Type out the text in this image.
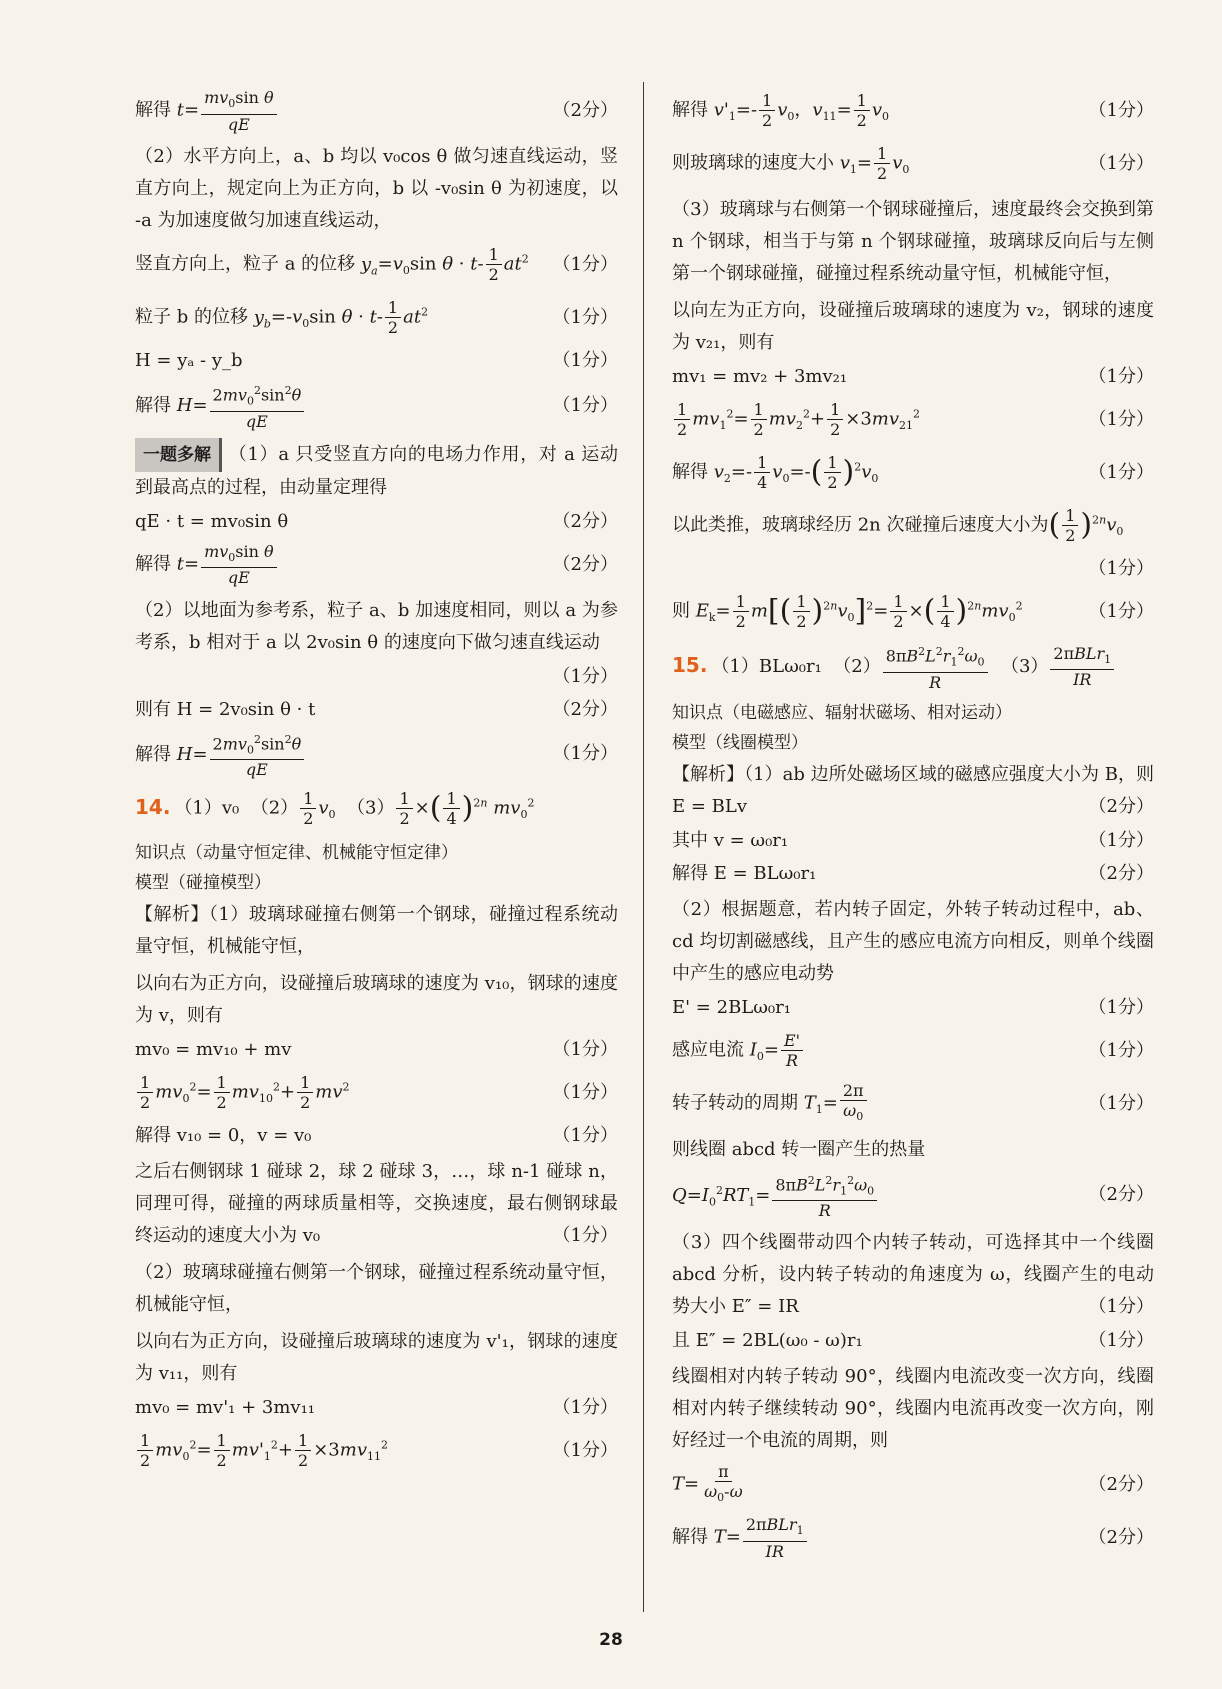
解得 $t= \frac{mv_0\sin \theta}{qE}$	（2分）

（2）水平方向上，a、b 均以 v₀cos θ 做匀速直线运动，竖直方向上，规定向上为正方向，b 以 -v₀sin θ 为初速度，以 -a 为加速度做匀加速直线运动，

竖直方向上，粒子 a 的位移 $y_a=v_0\sin$ $\theta \cdot t- \frac{1}{2} at^2$	（1分）
粒子 b 的位移 $y_b=-v_0\sin$ $\theta \cdot t- \frac{1}{2} at^2$	（1分）
H = yₐ - y_b	（1分）
解得 $H= \frac{2mv_0^2\sin^2\theta}{qE}$	（1分）

一题多解 （1）a 只受竖直方向的电场力作用，对 a 运动到最高点的过程，由动量定理得

qE · t = mv₀sin θ	（2分）
解得 $t= \frac{mv_0\sin \theta}{qE}$	（2分）

（2）以地面为参考系，粒子 a、b 加速度相同，则以 a 为参考系，b 相对于 a 以 2v₀sin θ 的速度向下做匀速直线运动

（1分）
则有 H = 2v₀sin θ · t	（2分）
解得 $H= \frac{2mv_0^2\sin^2\theta}{qE}$	（1分）
14. （1）v₀ $(2) \frac{1}{2} v_0$ $(3) \frac{1}{2}$ ×( $\frac{1}{4} )^{2n}$ $mv_0^2$

知识点（动量守恒定律、机械能守恒定律）

模型（碰撞模型）

【解析】（1）玻璃球碰撞右侧第一个钢球，碰撞过程系统动量守恒，机械能守恒，

以向右为正方向，设碰撞后玻璃球的速度为 v₁₀，钢球的速度为 v，则有

mv₀ = mv₁₀ + mv	（1分）
$\frac{1}{2} mv_0^2= \frac{1}{2} mv_{10}^2+ \frac{1}{2} mv^2$	（1分）
解得 v₁₀ = 0，v = v₀	（1分）

之后右侧钢球 1 碰球 2，球 2 碰球 3，…，球 n-1 碰球 n，同理可得，碰撞的两球质量相等，交换速度，最右侧钢球最终运动的速度大小为 v₀	（1分）

（2）玻璃球碰撞右侧第一个钢球，碰撞过程系统动量守恒，机械能守恒，

以向右为正方向，设碰撞后玻璃球的速度为 v'₁，钢球的速度为 v₁₁，则有

mv₀ = mv'₁ + 3mv₁₁	（1分）
$\frac{1}{2} mv_0^2= \frac{1}{2} mv'_1^2+ \frac{1}{2} \times 3mv_{11}^2$	（1分）
解得 $v'_1=- \frac{1}{2} v_0$，$v_{11}= \frac{1}{2} v_0$	（1分）
则玻璃球的速度大小 $v_1= \frac{1}{2} v_0$	（1分）

（3）玻璃球与右侧第一个钢球碰撞后，速度最终会交换到第 n 个钢球，相当于与第 n 个钢球碰撞，玻璃球反向后与左侧第一个钢球碰撞，碰撞过程系统动量守恒，机械能守恒，

以向左为正方向，设碰撞后玻璃球的速度为 v₂，钢球的速度为 v₂₁，则有

mv₁ = mv₂ + 3mv₂₁	（1分）
$\frac{1}{2} mv_1^2= \frac{1}{2} mv_2^2+ \frac{1}{2} \times 3mv_{21}^2$	（1分）
解得 $v_2=- \frac{1}{4} v_0=-( \frac{1}{2} )^2v_0$	（1分）
以此类推，玻璃球经历 2n 次碰撞后速度大小为( $\frac{1}{2} )^{2n}v_0$
（1分）
则 $E_k= \frac{1}{2} m[( \frac{1}{2} )^{2n}v_0]^2= \frac{1}{2}$ ×( $\frac{1}{4} )^{2n}mv_0^2$	（1分）
15. （1）BLω₀r₁ $(2) \frac{8\pi B^2L^2r_1^2\omega_0}{R} (3) \frac{2\pi BLr_1}{IR}$

知识点（电磁感应、辐射状磁场、相对运动）

模型（线圈模型）

【解析】（1）ab 边所处磁场区域的磁感应强度大小为 B，则 E = BLv	（2分）

其中 v = ω₀r₁	（1分）
解得 E = BLω₀r₁	（2分）

（2）根据题意，若内转子固定，外转子转动过程中，ab、cd 均切割磁感线，且产生的感应电流方向相反，则单个线圈中产生的感应电动势

E' = 2BLω₀r₁	（1分）
感应电流 $I_0= \frac{E'}{R}$	（1分）
转子转动的周期 $T_1= \frac{2\pi}{\omega_0}$	（1分）

则线圈 abcd 转一圈产生的热量

$Q=I_0^2RT_1= \frac{8\pi B^2L^2r_1^2\omega_0}{R}$	（2分）

（3）四个线圈带动四个内转子转动，可选择其中一个线圈 abcd 分析，设内转子转动的角速度为 ω，线圈产生的电动势大小 E″ = IR	（1分）

且 E″ = 2BL(ω₀ - ω)r₁	（1分）

线圈相对内转子转动 90°，线圈内电流改变一次方向，线圈相对内转子继续转动 90°，线圈内电流再改变一次方向，刚好经过一个电流的周期，则

$T= \frac{\pi}{\omega_0-\omega}$	（2分）
解得 $T= \frac{2\pi BLr_1}{IR}$	（2分）
28
